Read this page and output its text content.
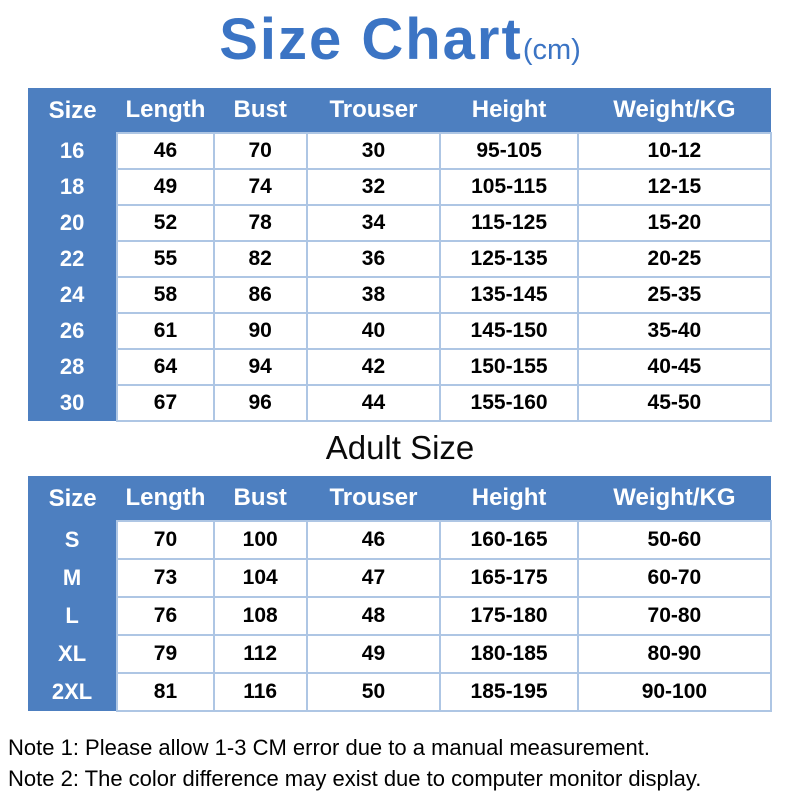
Size Chart(cm)
Size	Length	Bust	Trouser	Height	Weight/KG
16	46	70	30	95-105	10-12
18	49	74	32	105-115	12-15
20	52	78	34	115-125	15-20
22	55	82	36	125-135	20-25
24	58	86	38	135-145	25-35
26	61	90	40	145-150	35-40
28	64	94	42	150-155	40-45
30	67	96	44	155-160	45-50
Adult Size
Size	Length	Bust	Trouser	Height	Weight/KG
S	70	100	46	160-165	50-60
M	73	104	47	165-175	60-70
L	76	108	48	175-180	70-80
XL	79	112	49	180-185	80-90
2XL	81	116	50	185-195	90-100
Note 1: Please allow 1-3 CM error due to a manual measurement.
Note 2: The color difference may exist due to computer monitor display.
